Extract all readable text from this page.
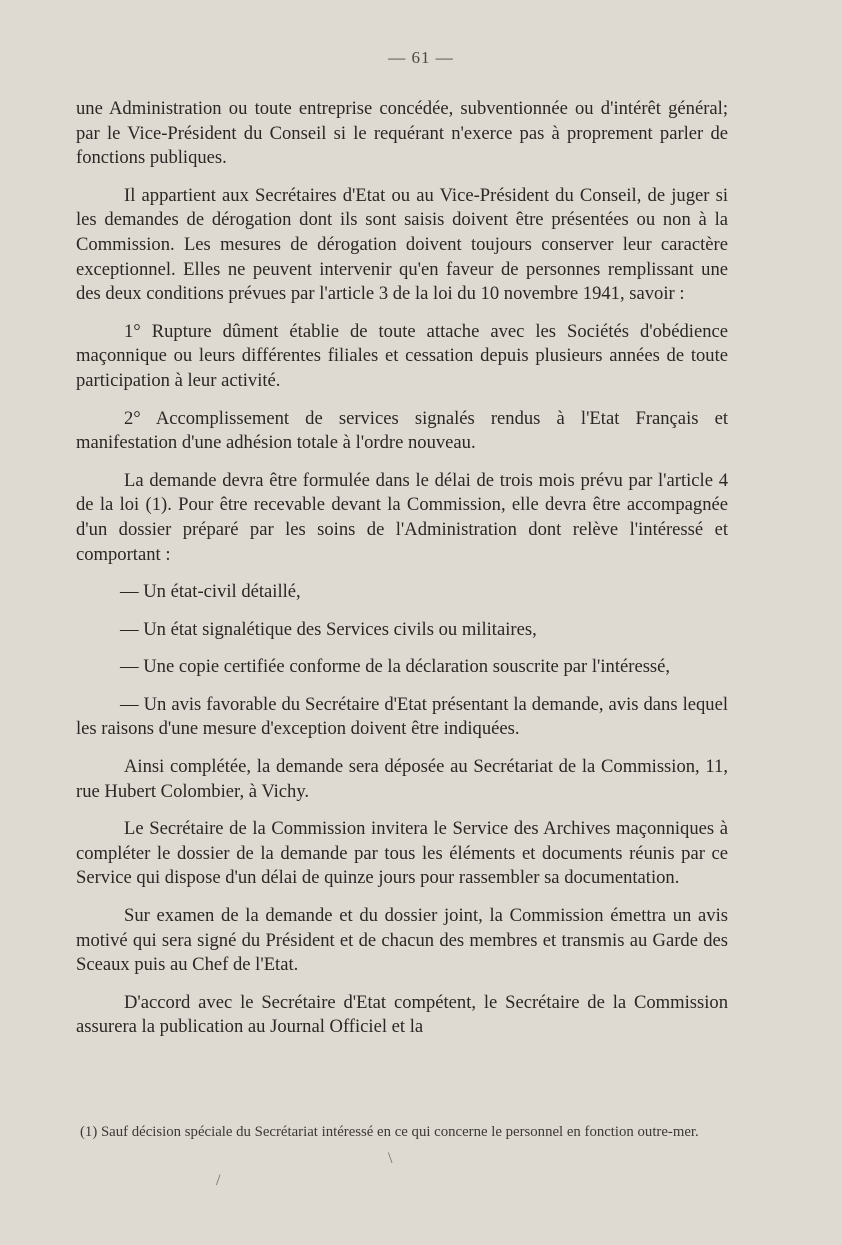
— 61 —

une Administration ou toute entreprise concédée, subventionnée ou d'intérêt général; par le Vice-Président du Conseil si le requérant n'exerce pas à proprement parler de fonctions publiques.

Il appartient aux Secrétaires d'Etat ou au Vice-Président du Conseil, de juger si les demandes de dérogation dont ils sont saisis doivent être présentées ou non à la Commission. Les mesures de dérogation doivent toujours conserver leur caractère exceptionnel. Elles ne peuvent intervenir qu'en faveur de personnes remplissant une des deux conditions prévues par l'article 3 de la loi du 10 novembre 1941, savoir :

1° Rupture dûment établie de toute attache avec les Sociétés d'obédience maçonnique ou leurs différentes filiales et cessation depuis plusieurs années de toute participation à leur activité.

2° Accomplissement de services signalés rendus à l'Etat Français et manifestation d'une adhésion totale à l'ordre nouveau.

La demande devra être formulée dans le délai de trois mois prévu par l'article 4 de la loi (1). Pour être recevable devant la Commission, elle devra être accompagnée d'un dossier préparé par les soins de l'Administration dont relève l'intéressé et comportant :

— Un état-civil détaillé,

— Un état signalétique des Services civils ou militaires,

— Une copie certifiée conforme de la déclaration souscrite par l'intéressé,

— Un avis favorable du Secrétaire d'Etat présentant la demande, avis dans lequel les raisons d'une mesure d'exception doivent être indiquées.

Ainsi complétée, la demande sera déposée au Secrétariat de la Commission, 11, rue Hubert Colombier, à Vichy.

Le Secrétaire de la Commission invitera le Service des Archives maçonniques à compléter le dossier de la demande par tous les éléments et documents réunis par ce Service qui dispose d'un délai de quinze jours pour rassembler sa documentation.

Sur examen de la demande et du dossier joint, la Commission émettra un avis motivé qui sera signé du Président et de chacun des membres et transmis au Garde des Sceaux puis au Chef de l'Etat.

D'accord avec le Secrétaire d'Etat compétent, le Secrétaire de la Commission assurera la publication au Journal Officiel et la

(1) Sauf décision spéciale du Secrétariat intéressé en ce qui concerne le personnel en fonction outre-mer.
\
/
